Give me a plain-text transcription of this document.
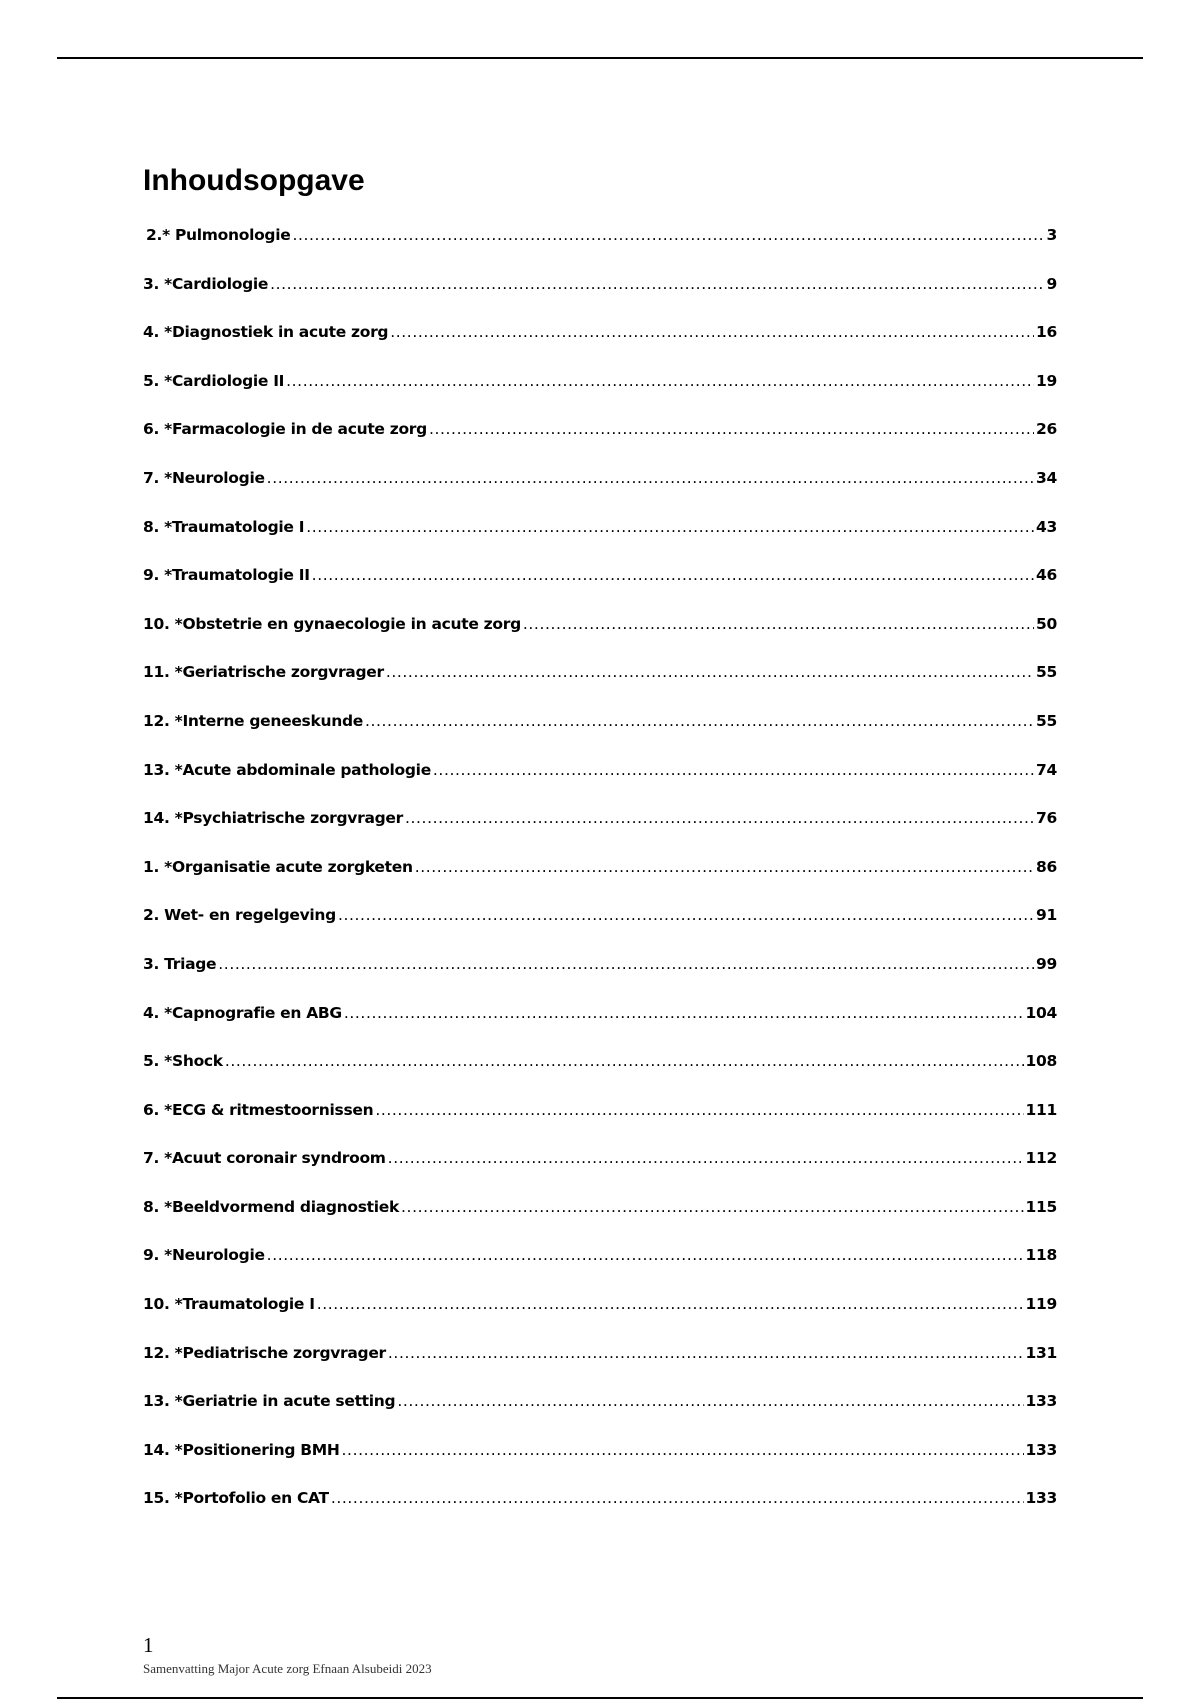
Inhoudsopgave
2.* Pulmonologie .....	3
3. *Cardiologie .....	9
4. *Diagnostiek in acute zorg .....	16
5. *Cardiologie II .....	19
6. *Farmacologie in de acute zorg .....	26
7. *Neurologie .....	34
8. *Traumatologie I .....	43
9. *Traumatologie II .....	46
10. *Obstetrie en gynaecologie in acute zorg .....	50
11. *Geriatrische zorgvrager .....	55
12. *Interne geneeskunde .....	55
13. *Acute abdominale pathologie .....	74
14. *Psychiatrische zorgvrager .....	76
1. *Organisatie acute zorgketen .....	86
2. Wet- en regelgeving .....	91
3. Triage .....	99
4. *Capnografie en ABG .....	104
5. *Shock .....	108
6. *ECG & ritmestoornissen .....	111
7. *Acuut coronair syndroom .....	112
8. *Beeldvormend diagnostiek .....	115
9. *Neurologie .....	118
10. *Traumatologie I .....	119
12. *Pediatrische zorgvrager .....	131
13. *Geriatrie in acute setting .....	133
14. *Positionering BMH .....	133
15. *Portofolio en CAT .....	133
1
Samenvatting Major Acute zorg Efnaan Alsubeidi 2023
